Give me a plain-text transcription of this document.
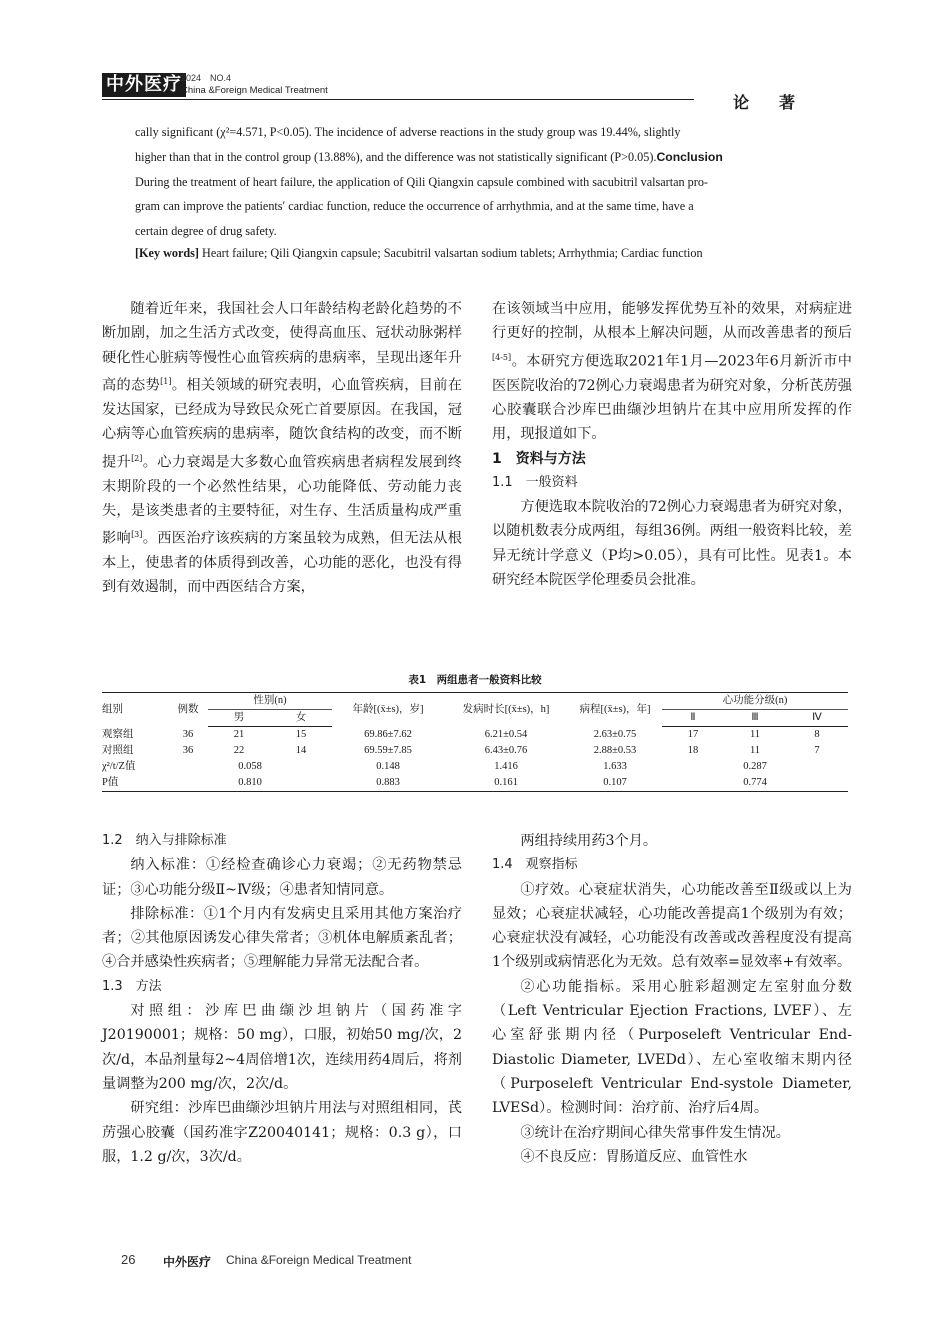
中外医疗 2024　NO.4
China &Foreign Medical Treatment
论著
cally significant (χ²=4.571, P<0.05). The incidence of adverse reactions in the study group was 19.44%, slightly
higher than that in the control group (13.88%), and the difference was not statistically significant (P>0.05).Conclusion
During the treatment of heart failure, the application of Qili Qiangxin capsule combined with sacubitril valsartan pro-
gram can improve the patients′ cardiac function, reduce the occurrence of arrhythmia, and at the same time, have a
certain degree of drug safety.
[Key words] Heart failure; Qili Qiangxin capsule; Sacubitril valsartan sodium tablets; Arrhythmia; Cardiac function

随着近年来，我国社会人口年龄结构老龄化趋势的不断加剧，加之生活方式改变，使得高血压、冠状动脉粥样硬化性心脏病等慢性心血管疾病的患病率，呈现出逐年升高的态势[1]。相关领域的研究表明，心血管疾病，目前在发达国家，已经成为导致民众死亡首要原因。在我国，冠心病等心血管疾病的患病率，随饮食结构的改变，而不断提升[2]。心力衰竭是大多数心血管疾病患者病程发展到终末期阶段的一个必然性结果，心功能降低、劳动能力丧失，是该类患者的主要特征，对生存、生活质量构成严重影响[3]。西医治疗该疾病的方案虽较为成熟，但无法从根本上，使患者的体质得到改善，心功能的恶化，也没有得到有效遏制，而中西医结合方案，

在该领域当中应用，能够发挥优势互补的效果，对病症进行更好的控制，从根本上解决问题，从而改善患者的预后[4-5]。本研究方便选取2021年1月—2023年6月新沂市中医医院收治的72例心力衰竭患者为研究对象，分析芪苈强心胶囊联合沙库巴曲缬沙坦钠片在其中应用所发挥的作用，现报道如下。

1　资料与方法

1.1　一般资料

方便选取本院收治的72例心力衰竭患者为研究对象，以随机数表分成两组，每组36例。两组一般资料比较，差异无统计学意义（P均>0.05），具有可比性。见表1。本研究经本院医学伦理委员会批准。

表1　两组患者一般资料比较
组别	例数	性别(n)		年龄[(x̄±s)，岁]	发病时长[(x̄±s)，h]	病程[(x̄±s)，年]	心功能分级(n)		
		男	女				Ⅱ	Ⅲ	Ⅳ
观察组	36	21	15	69.86±7.62	6.21±0.54	2.63±0.75	17	11	8
对照组	36	22	14	69.59±7.85	6.43±0.76	2.88±0.53	18	11	7
χ²/t/Z值	0.058			0.148	1.416	1.633	0.287		
P值	0.810			0.883	0.161	0.107	0.774		

1.2　纳入与排除标准

纳入标准：①经检查确诊心力衰竭；②无药物禁忌证；③心功能分级Ⅱ~Ⅳ级；④患者知情同意。

排除标准：①1个月内有发病史且采用其他方案治疗者；②其他原因诱发心律失常者；③机体电解质紊乱者；④合并感染性疾病者；⑤理解能力异常无法配合者。

1.3　方法

对照组：沙库巴曲缬沙坦钠片（国药准字J20190001；规格：50 mg），口服，初始50 mg/次，2次/d，本品剂量每2~4周倍增1次，连续用药4周后，将剂量调整为200 mg/次，2次/d。

研究组：沙库巴曲缬沙坦钠片用法与对照组相同，芪苈强心胶囊（国药准字Z20040141；规格：0.3 g），口服，1.2 g/次，3次/d。

两组持续用药3个月。

1.4　观察指标

①疗效。心衰症状消失，心功能改善至Ⅱ级或以上为显效；心衰症状减轻，心功能改善提高1个级别为有效；心衰症状没有减轻，心功能没有改善或改善程度没有提高1个级别或病情恶化为无效。总有效率=显效率+有效率。

②心功能指标。采用心脏彩超测定左室射血分数（Left Ventricular Ejection Fractions, LVEF）、左心室舒张期内径（Purposeleft Ventricular End-Diastolic Diameter, LVEDd）、左心室收缩末期内径（Purposeleft Ventricular End-systole Diameter, LVESd）。检测时间：治疗前、治疗后4周。

③统计在治疗期间心律失常事件发生情况。

④不良反应：胃肠道反应、血管性水

26 中外医疗 China &Foreign Medical Treatment
